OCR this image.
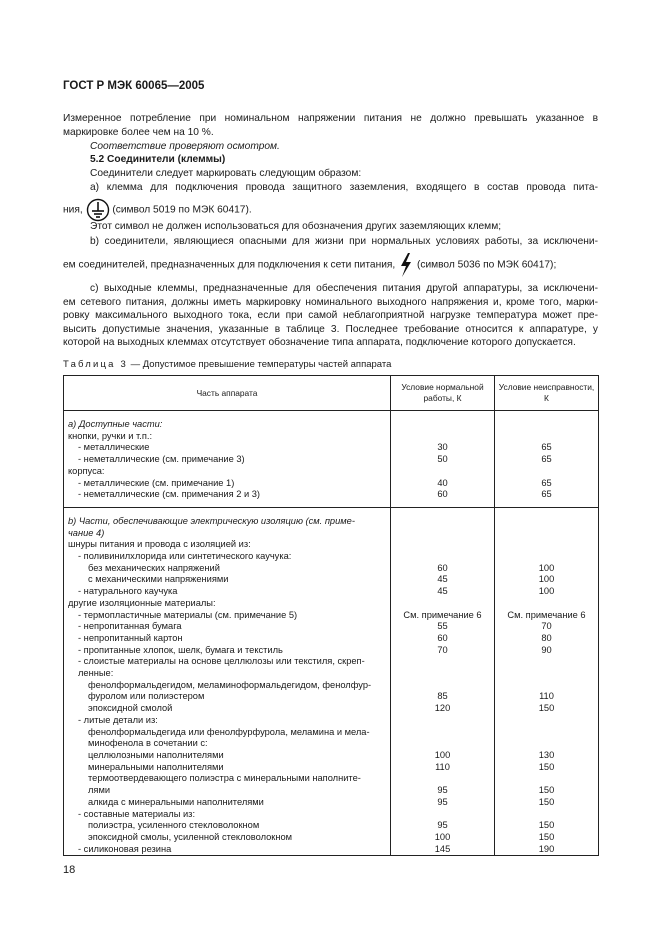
ГОСТ Р МЭК 60065—2005
Измеренное потребление при номинальном напряжении питания не должно превышать указанное в
маркировке более чем на 10 %.
Соответствие проверяют осмотром.
5.2 Соединители (клеммы)
Соединители следует маркировать следующим образом:
а) клемма для подключения провода защитного заземления, входящего в состав провода пита-
ния,	(символ 5019 по МЭК 60417).
Этот символ не должен использоваться для обозначения других заземляющих клемм;
b) соединители, являющиеся опасными для жизни при нормальных условиях работы, за исключени-
ем соединителей, предназначенных для подключения к сети питания, (символ 5036 по МЭК 60417);
с) выходные клеммы, предназначенные для обеспечения питания другой аппаратуры, за исключени-
ем сетевого питания, должны иметь маркировку номинального выходного напряжения и, кроме того, марки-
ровку максимального выходного тока, если при самой неблагоприятной нагрузке температура может пре-
высить допустимые значения, указанные в таблице 3. Последнее требование относится к аппаратуре, у
которой на выходных клеммах отсутствует обозначение типа аппарата, подключение которого допускается.
Таблица 3 — Допустимое превышение температуры частей аппарата
Часть аппарата	Условие нормальной работы, К	Условие неисправности, К

а) Доступные части:		

кнопки, ручки и т.п.:		

- металлические	30	65

- неметаллические (см. примечание 3)	50	65

корпуса:		

- металлические (см. примечание 1)	40	65

- неметаллические (см. примечания 2 и 3)	60	65

b) Части, обеспечивающие электрическую изоляцию (см. приме-		

чание 4)		

шнуры питания и провода с изоляцией из:		

- поливинилхлорида или синтетического каучука:		

без механических напряжений	60	100

с механическими напряжениями	45	100

- натурального каучука	45	100

другие изоляционные материалы:		

- термопластичные материалы (см. примечание 5)	См. примечание 6	См. примечание 6

- непропитанная бумага	55	70

- непропитанный картон	60	80

- пропитанные хлопок, шелк, бумага и текстиль	70	90

- слоистые материалы на основе целлюлозы или текстиля, скреп-		

ленные:		

фенолформальдегидом, меламиноформальдегидом, фенолфур-		

фуролом или полиэстером	85	110

эпоксидной смолой	120	150

- литые детали из:		

фенолформальдегида или фенолфурфурола, меламина и мела-		

минофенола в сочетании с:		

целлюлозными наполнителями	100	130

минеральными наполнителями	110	150

термоотвердевающего полиэстра с минеральными наполните-		

лями	95	150

алкида с минеральными наполнителями	95	150

- составные материалы из:		

полиэстра, усиленного стекловолокном	95	150

эпоксидной смолы, усиленной стекловолокном	100	150

- силиконовая резина	145	190
18
